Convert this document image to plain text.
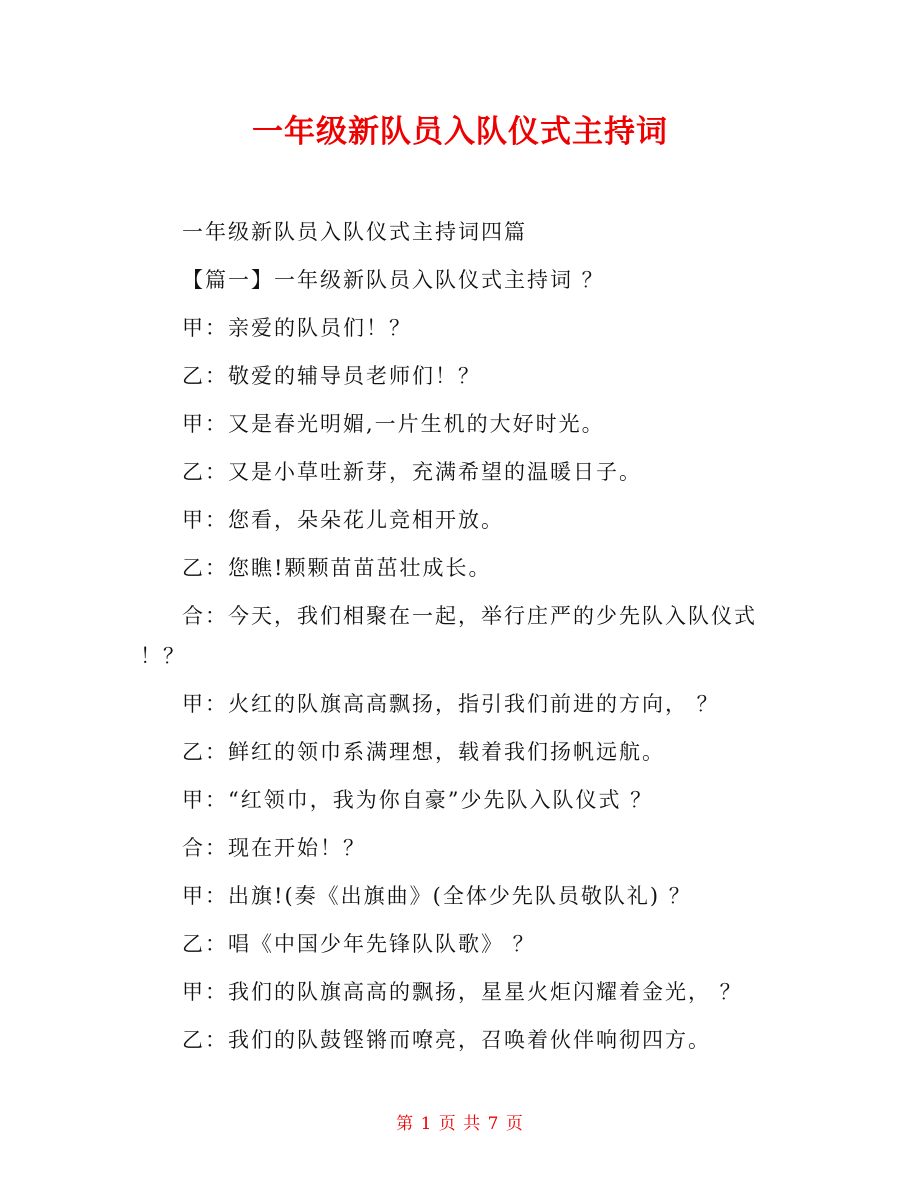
一年级新队员入队仪式主持词
一年级新队员入队仪式主持词四篇
【篇一】一年级新队员入队仪式主持词 ？
甲：亲爱的队员们！？
乙：敬爱的辅导员老师们！？
甲：又是春光明媚,一片生机的大好时光。
乙：又是小草吐新芽，充满希望的温暖日子。
甲：您看，朵朵花儿竞相开放。
乙：您瞧!颗颗苗苗茁壮成长。
合：今天，我们相聚在一起，举行庄严的少先队入队仪式
！？
甲：火红的队旗高高飘扬，指引我们前进的方向， ？
乙：鲜红的领巾系满理想，载着我们扬帆远航。
甲：“红领巾，我为你自豪”少先队入队仪式 ？
合：现在开始！？
甲：出旗!(奏《出旗曲》(全体少先队员敬队礼) ？
乙：唱《中国少年先锋队队歌》 ？
甲：我们的队旗高高的飘扬，星星火炬闪耀着金光， ？
乙：我们的队鼓铿锵而嘹亮，召唤着伙伴响彻四方。
第 1 页 共 7 页
